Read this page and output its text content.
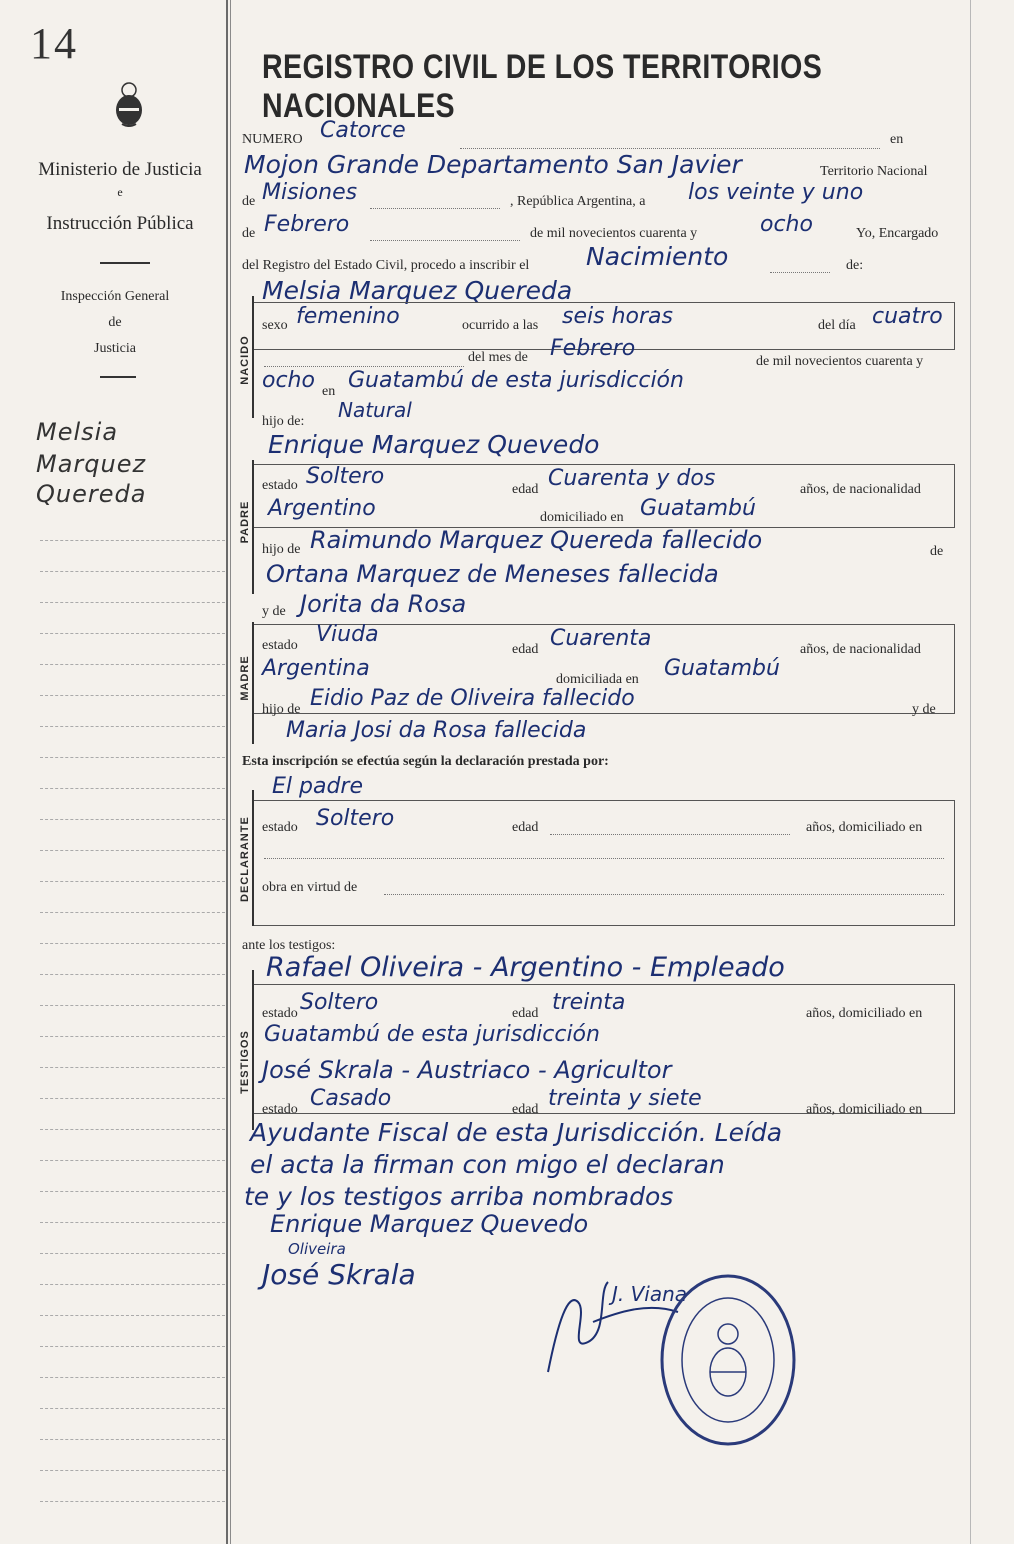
14
Ministerio de Justicia
e
Instrucción Pública
Inspección General
de
Justicia
Melsia
Marquez
Quereda
REGISTRO CIVIL DE LOS TERRITORIOS NACIONALES
NUMERO Catorce	en
Mojon Grande Departamento San Javier	Territorio Nacional
de Misiones	, República Argentina, a los veinte y uno
de Febrero	de mil novecientos cuarenta y	ocho	Yo, Encargado
del Registro del Estado Civil, procedo a inscribir el Nacimiento	de:
NACIDO
Melsia Marquez Quereda
sexo femenino	ocurrido a las seis horas	del día cuatro
del mes de Febrero
de mil novecientos cuarenta y
ocho en Guatambú de esta jurisdicción
hijo de: Natural
PADRE
Enrique Marquez Quevedo
estado Soltero
edad Cuarenta y dos	años, de nacionalidad
Argentino	domiciliado en Guatambú
hijo de Raimundo Marquez Quereda fallecido	de
Ortana Marquez de Meneses fallecida
y de Jorita da Rosa
MADRE
estado Viuda
edad Cuarenta	años, de nacionalidad
Argentina	domiciliada en Guatambú
hijo de Eidio Paz de Oliveira fallecido	y de
Maria Josi da Rosa fallecida
Esta inscripción se efectúa según la declaración prestada por:
DECLARANTE
El padre
estado Soltero	edad	años, domiciliado en
obra en virtud de
ante los testigos:
TESTIGOS
Rafael Oliveira - Argentino - Empleado
estado Soltero	edad treinta	años, domiciliado en
Guatambú de esta jurisdicción
José Skrala - Austriaco - Agricultor
estado Casado	edad treinta y siete	años, domiciliado en
Ayudante Fiscal de esta Jurisdicción. Leída
el acta la firman con migo el declaran
te y los testigos arriba nombrados
Enrique Marquez Quevedo
Oliveira
José Skrala
J. Viana
